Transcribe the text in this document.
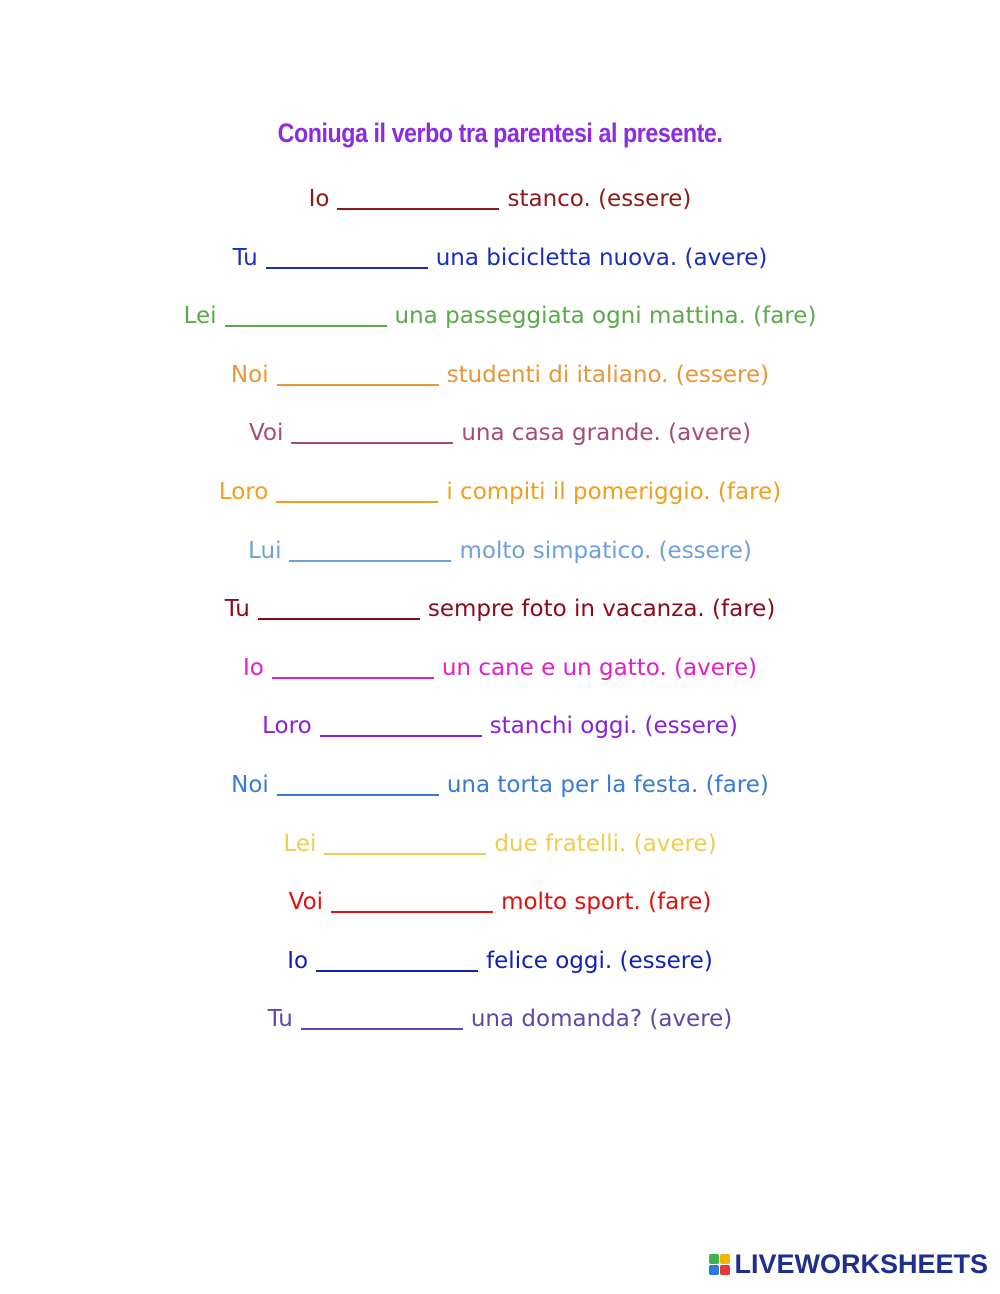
Coniuga il verbo tra parentesi al presente.
Io	stanco. (essere)
Tu	una bicicletta nuova. (avere)
Lei	una passeggiata ogni mattina. (fare)
Noi	studenti di italiano. (essere)
Voi	una casa grande. (avere)
Loro	i compiti il pomeriggio. (fare)
Lui	molto simpatico. (essere)
Tu	sempre foto in vacanza. (fare)
Io	un cane e un gatto. (avere)
Loro	stanchi oggi. (essere)
Noi	una torta per la festa. (fare)
Lei	due fratelli. (avere)
Voi	molto sport. (fare)
Io	felice oggi. (essere)
Tu	una domanda? (avere)
LIVEWORKSHEETS
